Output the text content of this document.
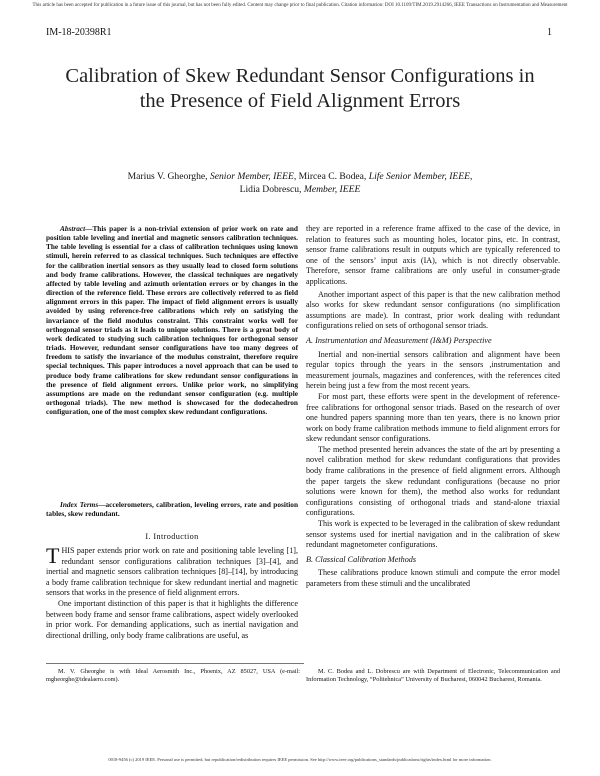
This article has been accepted for publication in a future issue of this journal, but has not been fully edited. Content may change prior to final publication. Citation information: DOI 10.1109/TIM.2019.2914266, IEEE Transactions on Instrumentation and Measurement
IM-18-20398R1	1
Calibration of Skew Redundant Sensor Configurations in the Presence of Field Alignment Errors
Marius V. Gheorghe, Senior Member, IEEE, Mircea C. Bodea, Life Senior Member, IEEE,
Lidia Dobrescu, Member, IEEE
Abstract—This paper is a non-trivial extension of prior work on rate and position table leveling and inertial and magnetic sensors calibration techniques. The table leveling is essential for a class of calibration techniques using known stimuli, herein referred to as classical techniques. Such techniques are effective for the calibration inertial sensors as they usually lead to closed form solutions and body frame calibrations. However, the classical techniques are negatively affected by table leveling and azimuth orientation errors or by changes in the direction of the reference field. These errors are collectively referred to as field alignment errors in this paper. The impact of field alignment errors is usually avoided by using reference-free calibrations which rely on satisfying the invariance of the field modulus constraint. This constraint works well for orthogonal sensor triads as it leads to unique solutions. There is a great body of work dedicated to studying such calibration techniques for orthogonal sensor triads. However, redundant sensor configurations have too many degrees of freedom to satisfy the invariance of the modulus constraint, therefore require special techniques. This paper introduces a novel approach that can be used to produce body frame calibrations for skew redundant sensor configurations in the presence of field alignment errors. Unlike prior work, no simplifying assumptions are made on the redundant sensor configuration (e.g. multiple orthogonal triads). The new method is showcased for the dodecahedron configuration, one of the most complex skew redundant configurations.
Index Terms—accelerometers, calibration, leveling errors, rate and position tables, skew redundant.
I. Introduction

THIS paper extends prior work on rate and positioning table leveling [1], redundant sensor configurations calibration techniques [3]–[4], and inertial and magnetic sensors calibration techniques [8]–[14], by introducing a body frame calibration technique for skew redundant inertial and magnetic sensors that works in the presence of field alignment errors.

One important distinction of this paper is that it highlights the difference between body frame and sensor frame calibrations, aspect widely overlooked in prior work. For demanding applications, such as inertial navigation and directional drilling, only body frame calibrations are useful, as

M. V. Gheorghe is with Ideal Aerosmith Inc., Phoenix, AZ 85027, USA (e-mail: mgheorghe@idealaero.com).

they are reported in a reference frame affixed to the case of the device, in relation to features such as mounting holes, locator pins, etc. In contrast, sensor frame calibrations result in outputs which are typically referenced to one of the sensors’ input axis (IA), which is not directly observable. Therefore, sensor frame calibrations are only useful in consumer-grade applications.

Another important aspect of this paper is that the new calibration method also works for skew redundant sensor configurations (no simplification assumptions are made). In contrast, prior work dealing with redundant configurations relied on sets of orthogonal sensor triads.

A. Instrumentation and Measurement (I&M) Perspective

Inertial and non-inertial sensors calibration and alignment have been regular topics through the years in the sensors ,instrumentation and measurement journals, magazines and conferences, with the references cited herein being just a few from the most recent years.

For most part, these efforts were spent in the development of reference-free calibrations for orthogonal sensor triads. Based on the research of over one hundred papers spanning more than ten years, there is no known prior work on body frame calibration methods immune to field alignment errors for skew redundant sensor configurations.

The method presented herein advances the state of the art by presenting a novel calibration method for skew redundant configurations that provides body frame calibrations in the presence of field alignment errors. Although the paper targets the skew redundant configurations (because no prior solutions were known for them), the method also works for redundant configurations consisting of orthogonal triads and stand-alone triaxial configurations.

This work is expected to be leveraged in the calibration of skew redundant sensor systems used for inertial navigation and in the calibration of skew redundant magnetometer configurations.

B. Classical Calibration Methods

These calibrations produce known stimuli and compute the error model parameters from these stimuli and the uncalibrated

M. C. Bodea and L. Dobrescu are with Department of Electronic, Telecommunication and Information Technology, “Politehnica” University of Bucharest, 060042 Bucharest, Romania.
0018-9456 (c) 2019 IEEE. Personal use is permitted, but republication/redistribution requires IEEE permission. See http://www.ieee.org/publications_standards/publications/rights/index.html for more information.
